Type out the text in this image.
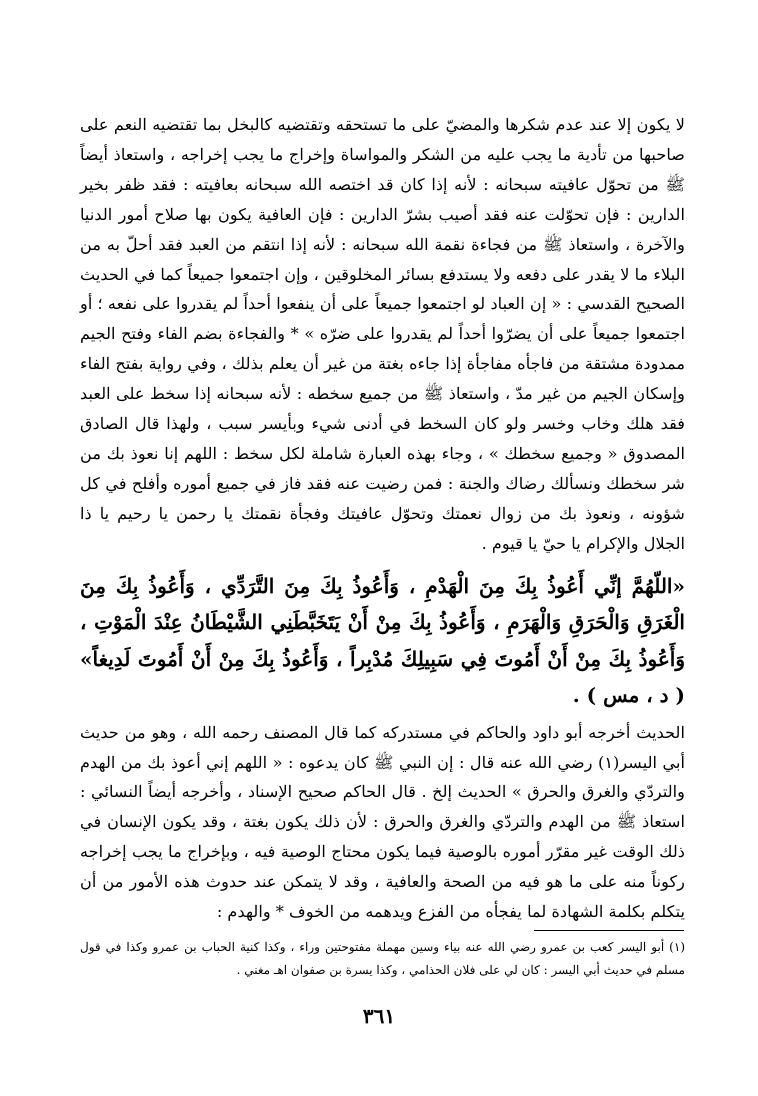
لا يكون إلا عند عدم شكرها والمضيّ على ما تستحقه وتقتضيه كالبخل بما تقتضيه النعم على صاحبها من تأدية ما يجب عليه من الشكر والمواساة وإخراج ما يجب إخراجه ، واستعاذ أيضاً ﷺ من تحوّل عافيته سبحانه : لأنه إذا كان قد اختصه الله سبحانه بعافيته : فقد ظفر بخير الدارين : فإن تحوّلت عنه فقد أصيب بشرّ الدارين : فإن العافية يكون بها صلاح أمور الدنيا والآخرة ، واستعاذ ﷺ من فجاءة نقمة الله سبحانه : لأنه إذا انتقم من العبد فقد أحلّ به من البلاء ما لا يقدر على دفعه ولا يستدفع بسائر المخلوقين ، وإن اجتمعوا جميعاً كما في الحديث الصحيح القدسي : « إن العباد لو اجتمعوا جميعاً على أن ينفعوا أحداً لم يقدروا على نفعه ؛ أو اجتمعوا جميعاً على أن يضرّوا أحداً لم يقدروا على ضرّه » * والفجاءة بضم الفاء وفتح الجيم ممدودة مشتقة من فاجأه مفاجأة إذا جاءه بغتة من غير أن يعلم بذلك ، وفي رواية بفتح الفاء وإسكان الجيم من غير مدّ ، واستعاذ ﷺ من جميع سخطه : لأنه سبحانه إذا سخط على العبد فقد هلك وخاب وخسر ولو كان السخط في أدنى شيء وبأيسر سبب ، ولهذا قال الصادق المصدوق « وجميع سخطك » ، وجاء بهذه العبارة شاملة لكل سخط : اللهم إنا نعوذ بك من شر سخطك ونسألك رضاك والجنة : فمن رضيت عنه فقد فاز في جميع أموره وأفلح في كل شؤونه ، ونعوذ بك من زوال نعمتك وتحوّل عافيتك وفجأة نقمتك يا رحمن يا رحيم يا ذا الجلال والإكرام يا حيّ يا قيوم .

«اللّهُمَّ إنِّي أَعُوذُ بِكَ مِنَ الْهَدْمِ ، وَأَعُوذُ بِكَ مِنَ التَّرَدِّي ، وَأَعُوذُ بِكَ مِنَ الْغَرَقِ وَالْحَرَقِ وَالْهَرَمِ ، وَأَعُوذُ بِكَ مِنْ أَنْ يَتَخَبَّطَنِي الشَّيْطَانُ عِنْدَ الْمَوْتِ ، وَأَعُوذُ بِكَ مِنْ أَنْ أَمُوتَ فِي سَبِيلِكَ مُدْبِراً ، وَأَعُوذُ بِكَ مِنْ أَنْ أَمُوتَ لَدِيغاً» ( د ، مس ) .

الحديث أخرجه أبو داود والحاكم في مستدركه كما قال المصنف رحمه الله ، وهو من حديث أبي اليسر(١) رضي الله عنه قال : إن النبي ﷺ كان يدعوه : « اللهم إني أعوذ بك من الهدم والتردّي والغرق والحرق » الحديث إلخ . قال الحاكم صحيح الإسناد ، وأخرجه أيضاً النسائي : استعاذ ﷺ من الهدم والتردّي والغرق والحرق : لأن ذلك يكون بغتة ، وقد يكون الإنسان في ذلك الوقت غير مقرّر أموره بالوصية فيما يكون محتاج الوصية فيه ، وبإخراج ما يجب إخراجه ركوناً منه على ما هو فيه من الصحة والعافية ، وقد لا يتمكن عند حدوث هذه الأمور من أن يتكلم بكلمة الشهادة لما يفجأه من الفزع ويدهمه من الخوف * والهدم :

(١) أبو اليسر كعب بن عمرو رضي الله عنه بياء وسين مهملة مفتوحتين وراء ، وكذا كنية الحباب بن عمرو وكذا في قول مسلم في حديث أبي اليسر : كان لي على فلان الحذامي ، وكذا يسرة بن صفوان اهـ مغني .

٣٦١
